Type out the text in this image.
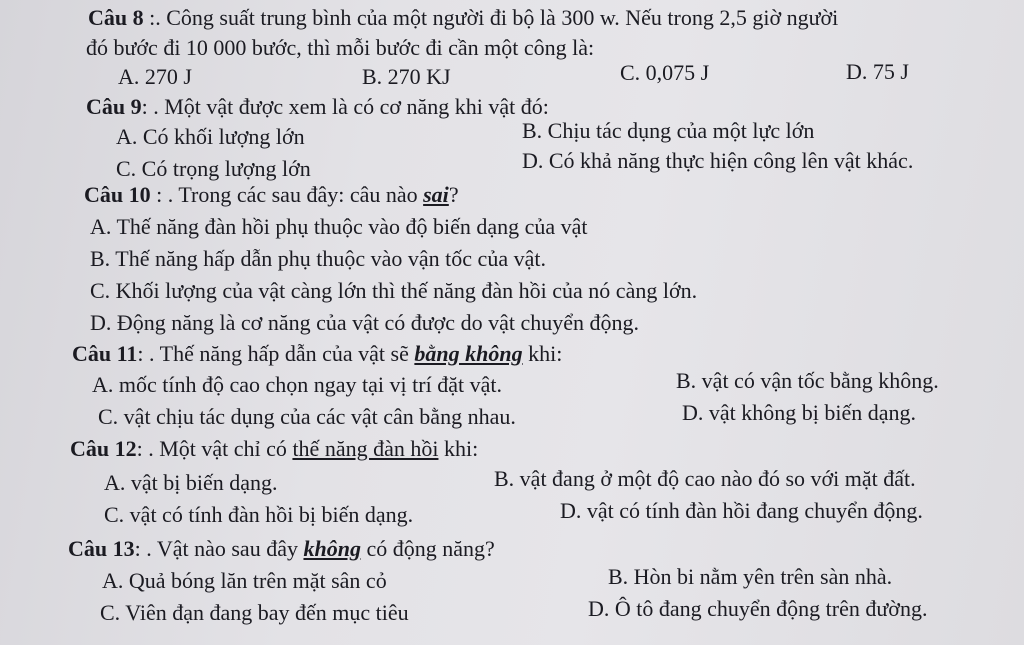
Câu 8 :. Công suất trung bình của một người đi bộ là 300 w. Nếu trong 2,5 giờ người
đó bước đi 10 000 bước, thì mỗi bước đi cần một công là:
A. 270 J	B. 270 KJ	C. 0,075 J	D. 75 J
Câu 9: . Một vật được xem là có cơ năng khi vật đó:
A. Có khối lượng lớn	B. Chịu tác dụng của một lực lớn
C. Có trọng lượng lớn	D. Có khả năng thực hiện công lên vật khác.
Câu 10 : . Trong các sau đây: câu nào sai?
A. Thế năng đàn hồi phụ thuộc vào độ biến dạng của vật
B. Thế năng hấp dẫn phụ thuộc vào vận tốc của vật.
C. Khối lượng của vật càng lớn thì thế năng đàn hồi của nó càng lớn.
D. Động năng là cơ năng của vật có được do vật chuyển động.
Câu 11: . Thế năng hấp dẫn của vật sẽ bằng không khi:
A. mốc tính độ cao chọn ngay tại vị trí đặt vật.	B. vật có vận tốc bằng không.
C. vật chịu tác dụng của các vật cân bằng nhau.	D. vật không bị biến dạng.
Câu 12: . Một vật chỉ có thế năng đàn hồi khi:
A. vật bị biến dạng.	B. vật đang ở một độ cao nào đó so với mặt đất.
C. vật có tính đàn hồi bị biến dạng.	D. vật có tính đàn hồi đang chuyển động.
Câu 13: . Vật nào sau đây không có động năng?
A. Quả bóng lăn trên mặt sân cỏ	B. Hòn bi nằm yên trên sàn nhà.
C. Viên đạn đang bay đến mục tiêu	D. Ô tô đang chuyển động trên đường.
